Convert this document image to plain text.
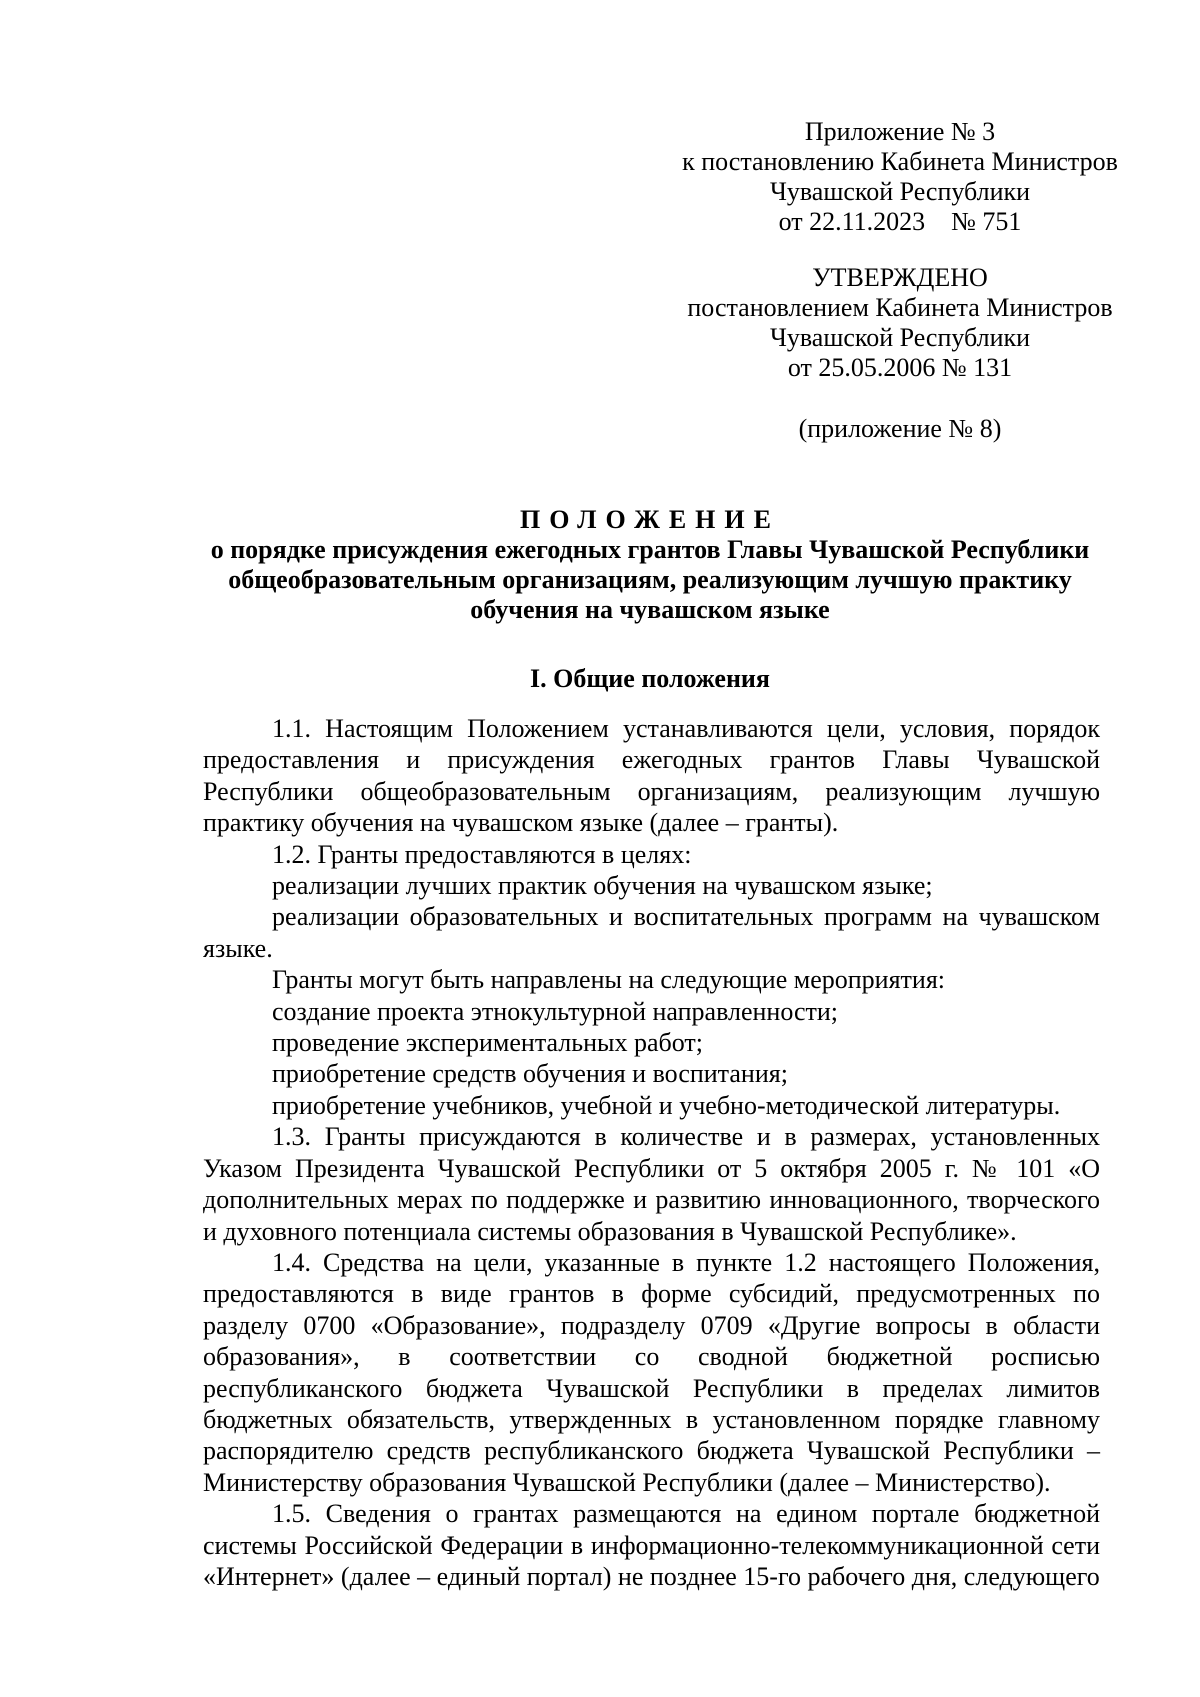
Приложение № 3
к постановлению Кабинета Министров
Чувашской Республики
от 22.11.2023    № 751
УТВЕРЖДЕНО
постановлением Кабинета Министров
Чувашской Республики
от 25.05.2006 № 131
(приложение № 8)
ПОЛОЖЕНИЕ
о порядке присуждения ежегодных грантов Главы Чувашской Республики
общеобразовательным организациям, реализующим лучшую практику
обучения на чувашском языке
I. Общие положения

1.1. Настоящим Положением устанавливаются цели, условия, порядок предоставления и присуждения ежегодных грантов Главы Чувашской Республики общеобразовательным организациям, реализующим лучшую практику обучения на чувашском языке (далее – гранты).

1.2. Гранты предоставляются в целях:

реализации лучших практик обучения на чувашском языке;

реализации образовательных и воспитательных программ на чувашском языке.

Гранты могут быть направлены на следующие мероприятия:

создание проекта этнокультурной направленности;

проведение экспериментальных работ;

приобретение средств обучения и воспитания;

приобретение учебников, учебной и учебно-методической литературы.

1.3. Гранты присуждаются в количестве и в размерах, установленных Указом Президента Чувашской Республики от 5 октября 2005 г. № 101 «О дополнительных мерах по поддержке и развитию инновационного, творческого и духовного потенциала системы образования в Чувашской Республике».

1.4. Средства на цели, указанные в пункте 1.2 настоящего Положения, предоставляются в виде грантов в форме субсидий, предусмотренных по разделу 0700 «Образование», подразделу 0709 «Другие вопросы в области образования», в соответствии со сводной бюджетной росписью республиканского бюджета Чувашской Республики в пределах лимитов бюджетных обязательств, утвержденных в установленном порядке главному распорядителю средств республиканского бюджета Чувашской Республики – Министерству образования Чувашской Республики (далее – Министерство).

1.5. Сведения о грантах размещаются на едином портале бюджетной системы Российской Федерации в информационно-телекоммуникационной сети «Интернет» (далее – единый портал) не позднее 15-го рабочего дня, следующего
